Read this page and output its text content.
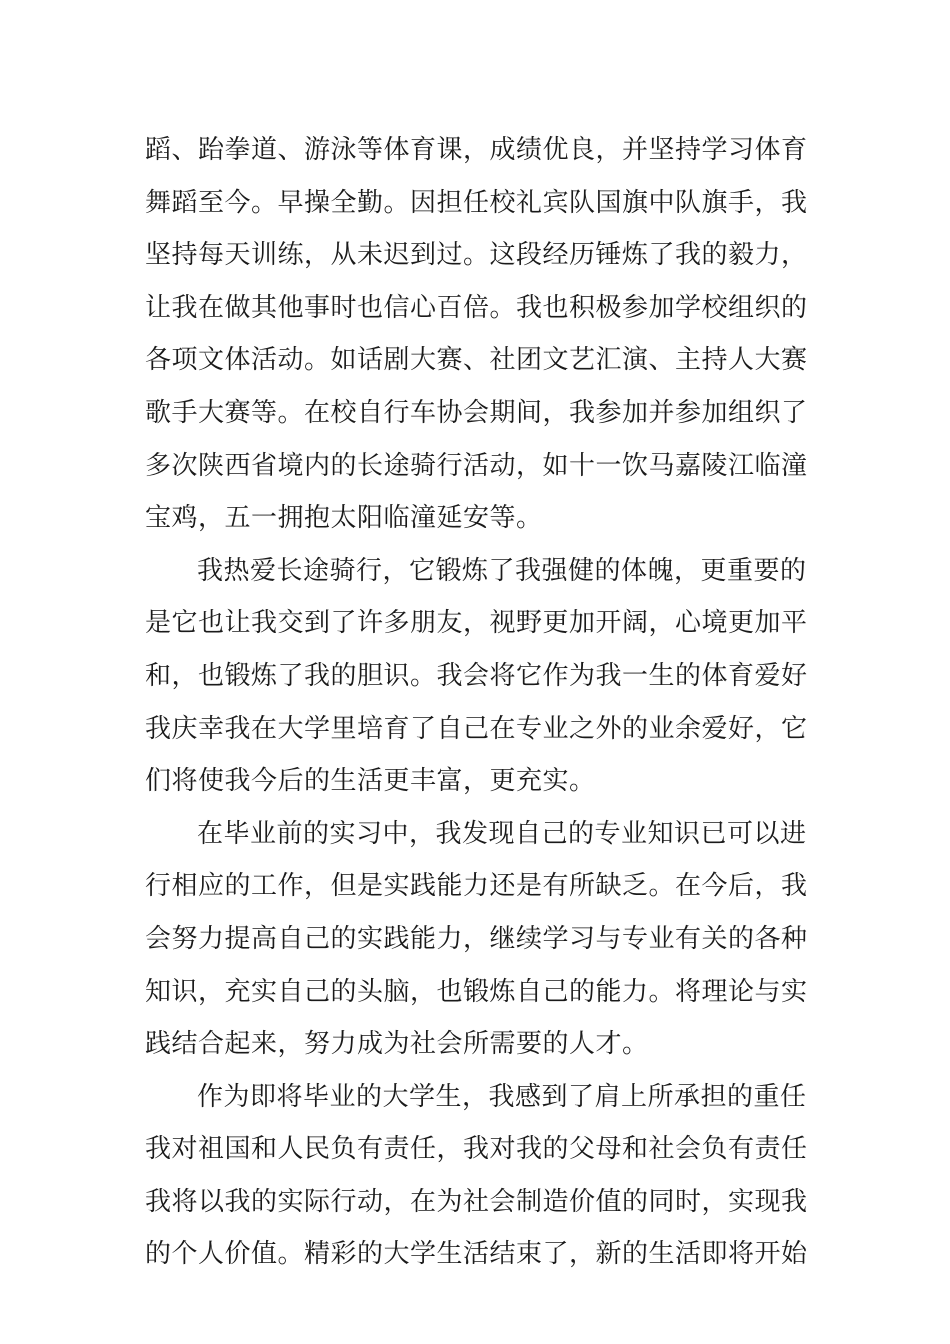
蹈、跆拳道、游泳等体育课，成绩优良，并坚持学习体育
舞蹈至今。早操全勤。因担任校礼宾队国旗中队旗手，我
坚持每天训练，从未迟到过。这段经历锤炼了我的毅力，
让我在做其他事时也信心百倍。我也积极参加学校组织的
各项文体活动。如话剧大赛、社团文艺汇演、主持人大赛
歌手大赛等。在校自行车协会期间，我参加并参加组织了
多次陕西省境内的长途骑行活动，如十一饮马嘉陵江临潼
宝鸡，五一拥抱太阳临潼延安等。
我热爱长途骑行，它锻炼了我强健的体魄，更重要的
是它也让我交到了许多朋友，视野更加开阔，心境更加平
和，也锻炼了我的胆识。我会将它作为我一生的体育爱好
我庆幸我在大学里培育了自己在专业之外的业余爱好，它
们将使我今后的生活更丰富，更充实。
在毕业前的实习中，我发现自己的专业知识已可以进
行相应的工作，但是实践能力还是有所缺乏。在今后，我
会努力提高自己的实践能力，继续学习与专业有关的各种
知识，充实自己的头脑，也锻炼自己的能力。将理论与实
践结合起来，努力成为社会所需要的人才。
作为即将毕业的大学生，我感到了肩上所承担的重任
我对祖国和人民负有责任，我对我的父母和社会负有责任
我将以我的实际行动，在为社会制造价值的同时，实现我
的个人价值。精彩的大学生活结束了，新的生活即将开始
